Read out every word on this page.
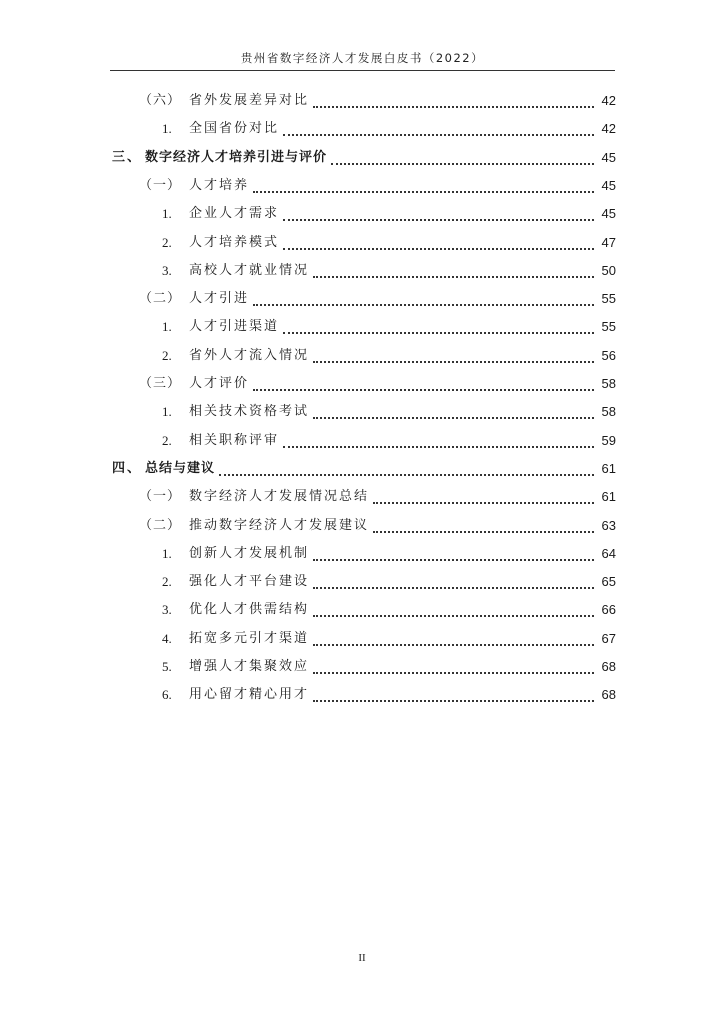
贵州省数字经济人才发展白皮书（2022）
（六） 省外发展差异对比	42
1. 全国省份对比	42
三、 数字经济人才培养引进与评价	45
（一） 人才培养	45
1. 企业人才需求	45
2. 人才培养模式	47
3. 高校人才就业情况	50
（二） 人才引进	55
1. 人才引进渠道	55
2. 省外人才流入情况	56
（三） 人才评价	58
1. 相关技术资格考试	58
2. 相关职称评审	59
四、 总结与建议	61
（一） 数字经济人才发展情况总结	61
（二） 推动数字经济人才发展建议	63
1. 创新人才发展机制	64
2. 强化人才平台建设	65
3. 优化人才供需结构	66
4. 拓宽多元引才渠道	67
5. 增强人才集聚效应	68
6. 用心留才精心用才	68
II
